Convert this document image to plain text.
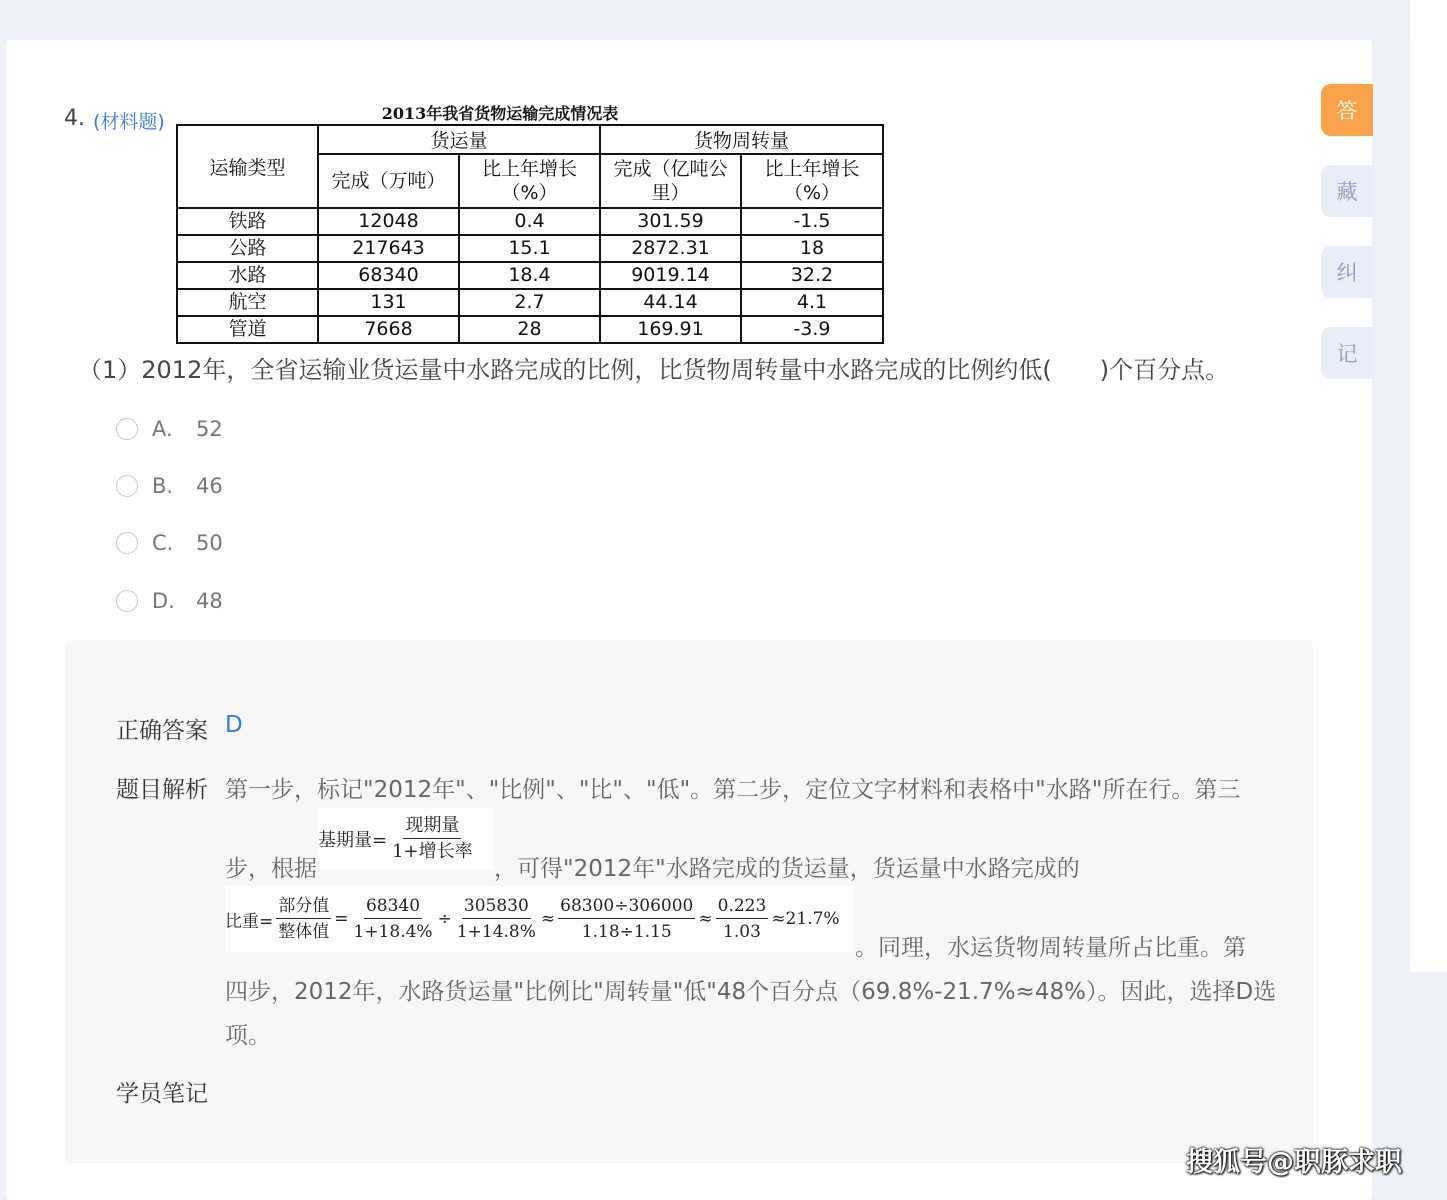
4. (材料题)	2013年我省货物运输完成情况表
运输类型	货运量		货物周转量	
	完成（万吨）	比上年增长（%）	完成（亿吨公里）	比上年增长（%）
铁路	12048	0.4	301.59	-1.5
公路	217643	15.1	2872.31	18
水路	68340	18.4	9019.14	32.2
航空	131	2.7	44.14	4.1
管道	7668	28	169.91	-3.9
（1）2012年，全省运输业货运量中水路完成的比例，比货物周转量中水路完成的比例约低(　　)个百分点。
A.	52
B.	46
C.	50
D.	48
正确答案 D
题目解析 第一步，标记"2012年"、"比例"、"比"、"低"。第二步，定位文字材料和表格中"水路"所在行。第三
步，根据
基期量= $\frac{\text{现期量}}{\text{1+增长率}}$
，可得"2012年"水路完成的货运量，货运量中水路完成的
比重= $\frac{\text{部分值}}{\text{整体值}} = \frac{68340}{1+18.4\%} \div \frac{305830}{1+14.8\%} \approx \frac{68300\div 306000}{1.18\div 1.15} \approx \frac{0.223}{1.03} \approx 21.7\%$
。同理，水运货物周转量所占比重。第
四步，2012年，水路货运量"比例比"周转量"低"48个百分点（69.8%-21.7%≈48%）。因此，选择D选
项。
学员笔记
答
藏
纠
记
搜狐号@职豚求职
